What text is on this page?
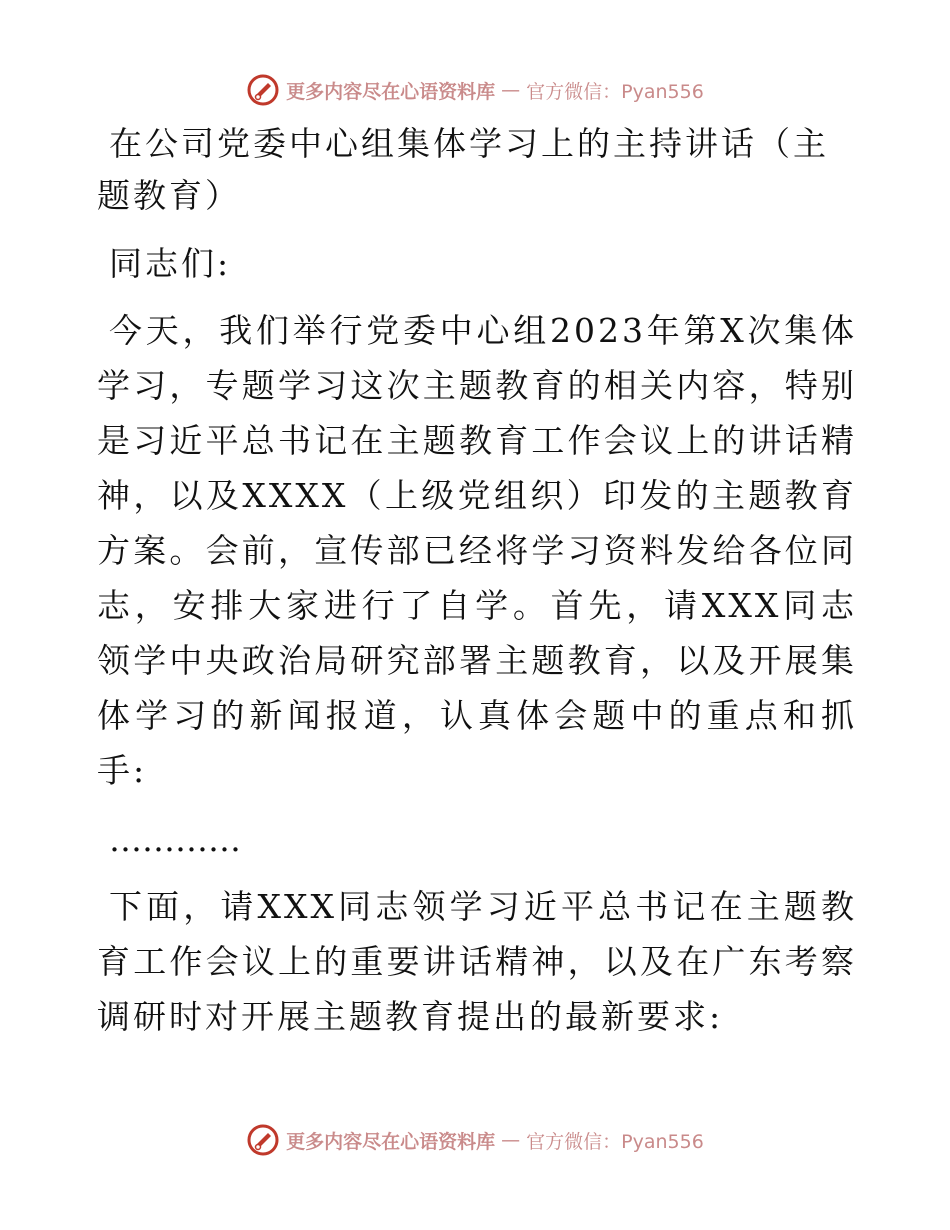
更多内容尽在心语资料库 — 官方微信：Pyan556
在公司党委中心组集体学习上的主持讲话（主题教育）

同志们:

今天，我们举行党委中心组2023年第X次集体学习，专题学习这次主题教育的相关内容，特别是习近平总书记在主题教育工作会议上的讲话精神，以及XXXX（上级党组织）印发的主题教育方案。会前，宣传部已经将学习资料发给各位同志，安排大家进行了自学。首先，请XXX同志领学中央政治局研究部署主题教育，以及开展集体学习的新闻报道，认真体会题中的重点和抓手:

…………

下面，请XXX同志领学习近平总书记在主题教育工作会议上的重要讲话精神，以及在广东考察调研时对开展主题教育提出的最新要求:

更多内容尽在心语资料库 — 官方微信：Pyan556
